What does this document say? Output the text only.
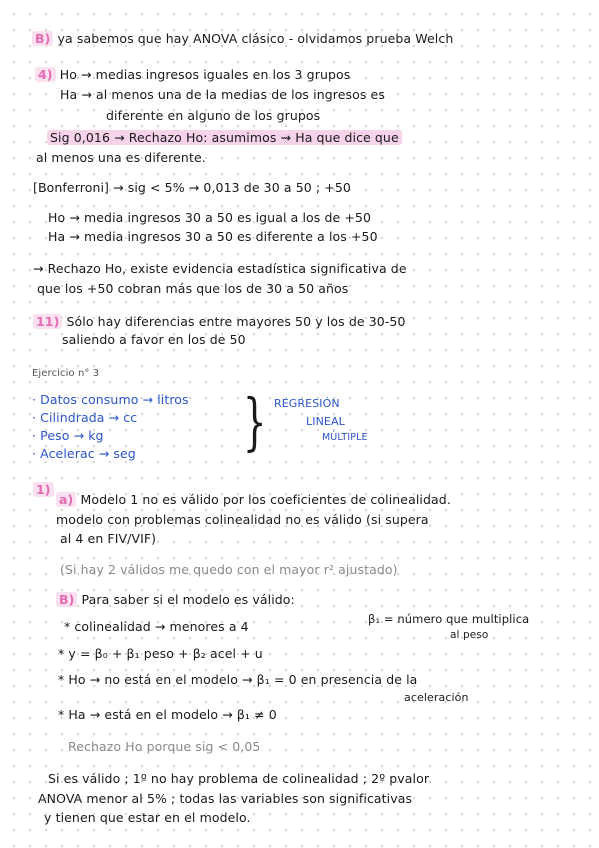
B) ya sabemos que hay ANOVA clásico - olvidamos prueba Welch
4) Ho → medias ingresos iguales en los 3 grupos
Ha → al menos una de la medias de los ingresos es
diferente en alguno de los grupos
Sig 0,016 → Rechazo Ho: asumimos ⇝ Ha que dice que
al menos una es diferente.
[Bonferroni] → sig < 5% → 0,013 de 30 a 50 ; +50
Ho → media ingresos 30 a 50 es igual a los de +50
Ha → media ingresos 30 a 50 es diferente a los +50
→ Rechazo Ho, existe evidencia estadística significativa de
que los +50 cobran más que los de 30 a 50 años
11) Sólo hay diferencias entre mayores 50 y los de 30-50
saliendo a favor en los de 50
Ejercicio n° 3
· Datos consumo → litros
· Cilindrada → cc
· Peso → kg
· Acelerac → seg } REGRESIÓN
LINEAL
MÚLTIPLE
1)
a) Modelo 1 no es válido por los coeficientes de colinealidad.
modelo con problemas colinealidad no es válido (si supera
al 4 en FIV/VIF)
(Si hay 2 válidos me quedo con el mayor r² ajustado)
B) Para saber si el modelo es válido:
* colinealidad → menores a 4	β₁ = número que multiplica
al peso
* y = β₀ + β₁ peso + β₂ acel + u
* Ho → no está en el modelo → β₁ = 0 en presencia de la
aceleración
* Ha → está en el modelo → β₁ ≠ 0
Rechazo Ho porque sig < 0,05
Si es válido ; 1º no hay problema de colinealidad ; 2º pvalor
ANOVA menor al 5% ; todas las variables son significativas
y tienen que estar en el modelo.
